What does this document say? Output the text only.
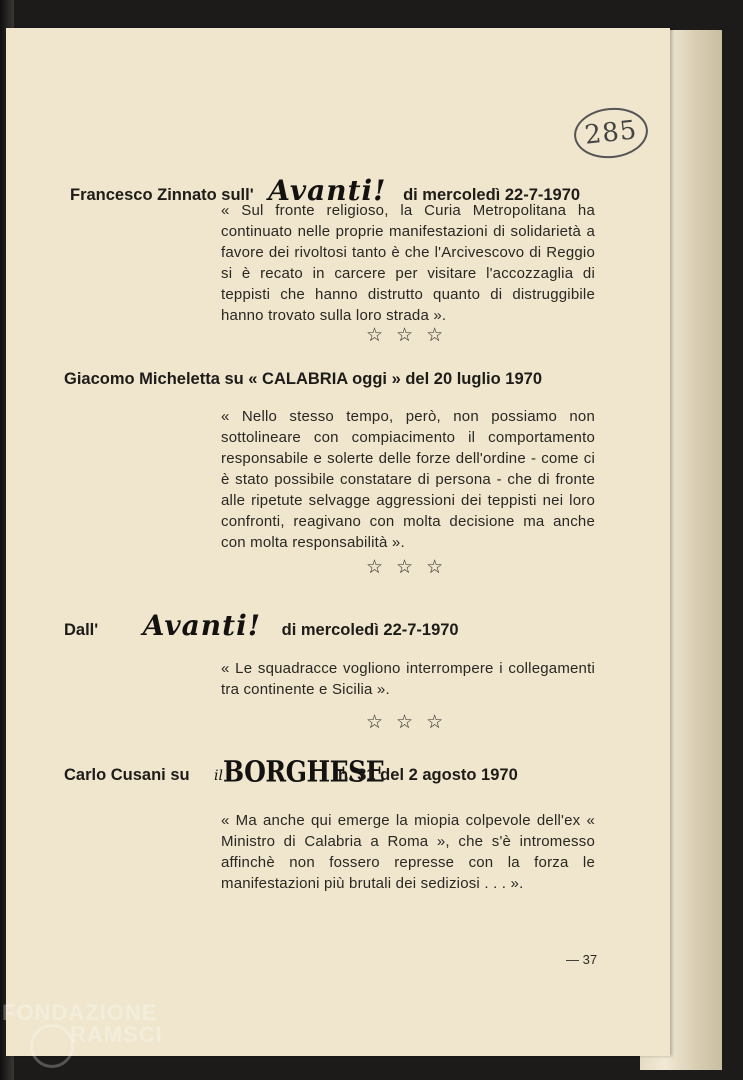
285
Francesco Zinnato sull' Avanti! di mercoledì 22-7-1970
« Sul fronte religioso, la Curia Metropolitana ha continuato nelle proprie manifestazioni di solidarietà a favore dei rivoltosi tanto è che l'Arcivescovo di Reggio si è recato in carcere per visitare l'accozzaglia di teppisti che hanno distrutto quanto di distruggibile hanno trovato sulla loro strada ».
☆☆☆
Giacomo Micheletta su « CALABRIA oggi » del 20 luglio 1970
« Nello stesso tempo, però, non possiamo non sottolineare con compiacimento il comportamento responsabile e solerte delle forze dell'ordine - come ci è stato possibile constatare di persona - che di fronte alle ripetute selvagge aggressioni dei teppisti nei loro confronti, reagivano con molta decisione ma anche con molta responsabilità ».
☆☆☆
Dall' Avanti! di mercoledì 22-7-1970
« Le squadracce vogliono interrompere i collegamenti tra continente e Sicilia ».
☆☆☆
Carlo Cusani su ilBORGHESE
n. 31 del 2 agosto 1970
« Ma anche qui emerge la miopia colpevole dell'ex « Ministro di Calabria a Roma », che s'è intromesso affinchè non fossero represse con la forza le manifestazioni più brutali dei sediziosi . . . ».
— 37
FONDAZIONE
RAMSCI
